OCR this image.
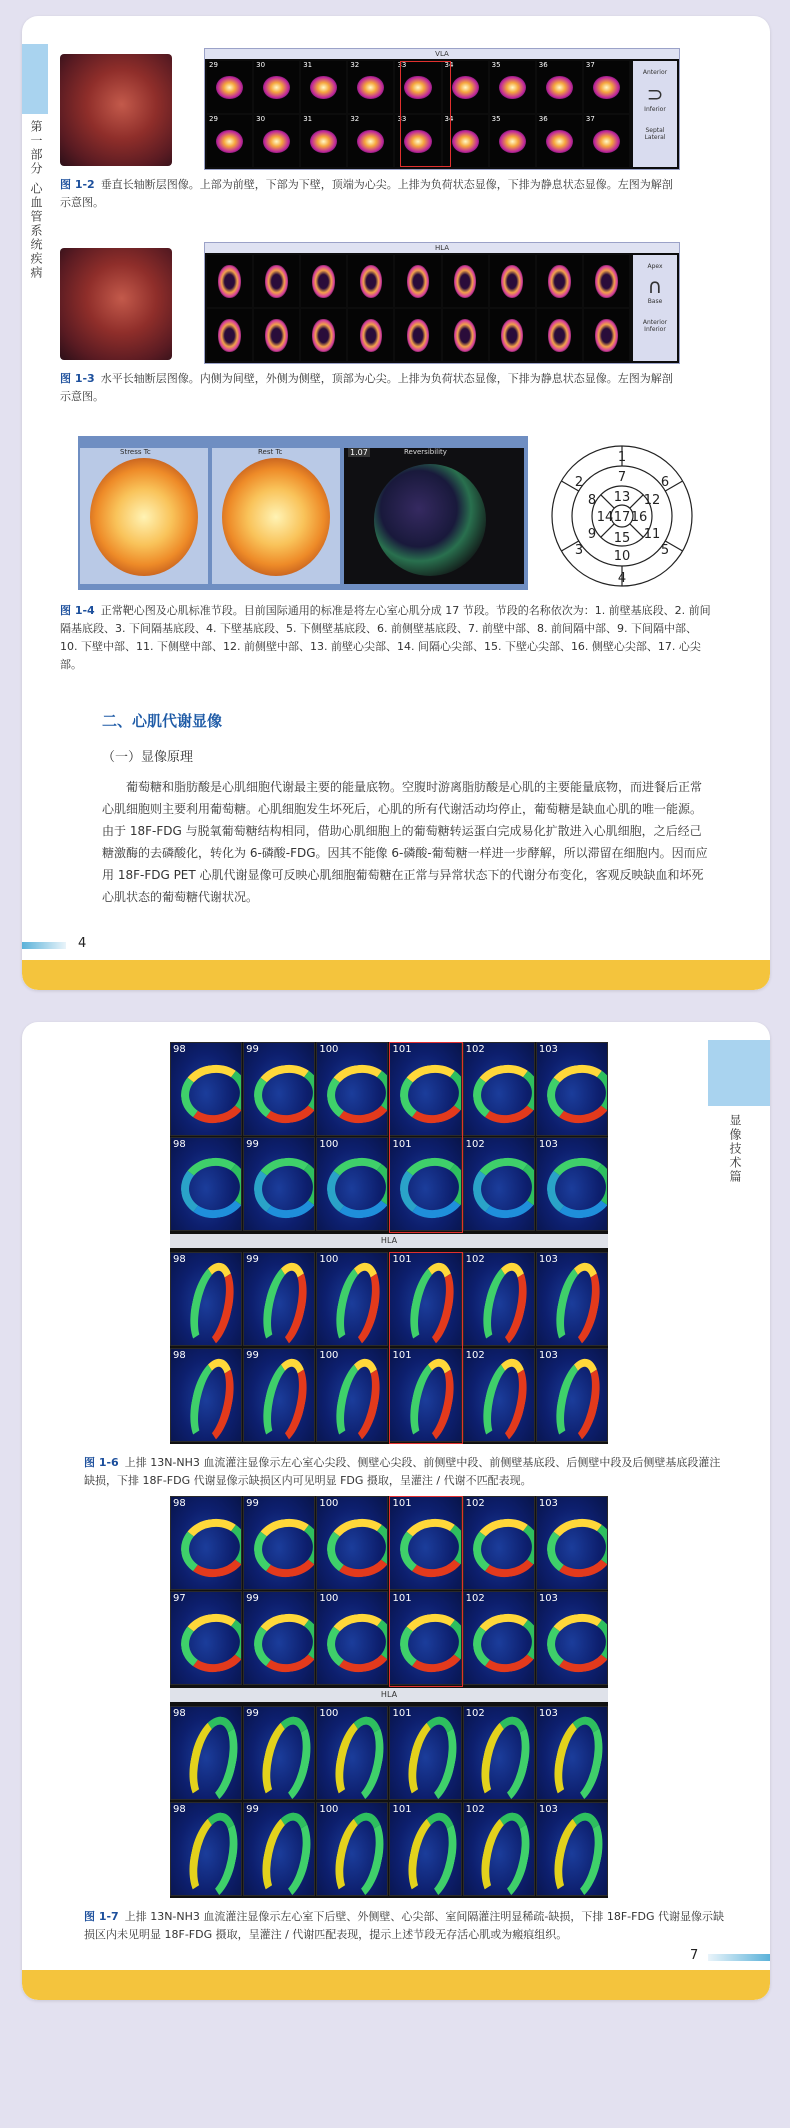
第一部分 心血管系统疾病
VLA
29	30	31	32	33	34	35	36	37
29	30	31	32	33	34	35	36	37
Anterior
⊃
Inferior
Septal
Lateral
图 1-2 垂直长轴断层图像。上部为前壁，下部为下壁，顶端为心尖。上排为负荷状态显像，下排为静息状态显像。左图为解剖示意图。
HLA
Apex
∩
Base
Anterior
Inferior
图 1-3 水平长轴断层图像。内侧为间壁，外侧为侧壁，顶部为心尖。上排为负荷状态显像，下排为静息状态显像。左图为解剖示意图。
Stress Tc	Rest Tc	1.07	Reversibility	1
2
3
4
5
6
7
8
9
10
11
12
13
14
15
16
17
图 1-4 正常靶心图及心肌标准节段。目前国际通用的标准是将左心室心肌分成 17 节段。节段的名称依次为：1. 前壁基底段、2. 前间隔基底段、3. 下间隔基底段、4. 下壁基底段、5. 下侧壁基底段、6. 前侧壁基底段、7. 前壁中部、8. 前间隔中部、9. 下间隔中部、10. 下壁中部、11. 下侧壁中部、12. 前侧壁中部、13. 前壁心尖部、14. 间隔心尖部、15. 下壁心尖部、16. 侧壁心尖部、17. 心尖部。
二、心肌代谢显像
（一）显像原理
葡萄糖和脂肪酸是心肌细胞代谢最主要的能量底物。空腹时游离脂肪酸是心肌的主要能量底物，而进餐后正常心肌细胞则主要利用葡萄糖。心肌细胞发生坏死后，心肌的所有代谢活动均停止，葡萄糖是缺血心肌的唯一能源。由于 18F-FDG 与脱氧葡萄糖结构相同，借助心肌细胞上的葡萄糖转运蛋白完成易化扩散进入心肌细胞，之后经己糖激酶的去磷酸化，转化为 6-磷酸-FDG。因其不能像 6-磷酸-葡萄糖一样进一步酵解，所以滞留在细胞内。因而应用 18F-FDG PET 心肌代谢显像可反映心肌细胞葡萄糖在正常与异常状态下的代谢分布变化，客观反映缺血和坏死心肌状态的葡萄糖代谢状况。
4
显像技术篇
98	99	100	101	102	103
98	99	100	101	102	103
HLA
98	99	100	101	102	103
98	99	100	101	102	103
图 1-6 上排 13N-NH3 血流灌注显像示左心室心尖段、侧壁心尖段、前侧壁中段、前侧壁基底段、后侧壁中段及后侧壁基底段灌注缺损，下排 18F-FDG 代谢显像示缺损区内可见明显 FDG 摄取，呈灌注 / 代谢不匹配表现。
98	99	100	101	102	103
97	99	100	101	102	103
HLA
98	99	100	101	102	103
98	99	100	101	102	103
图 1-7 上排 13N-NH3 血流灌注显像示左心室下后壁、外侧壁、心尖部、室间隔灌注明显稀疏-缺损，下排 18F-FDG 代谢显像示缺损区内未见明显 18F-FDG 摄取，呈灌注 / 代谢匹配表现，提示上述节段无存活心肌或为瘢痕组织。
7
